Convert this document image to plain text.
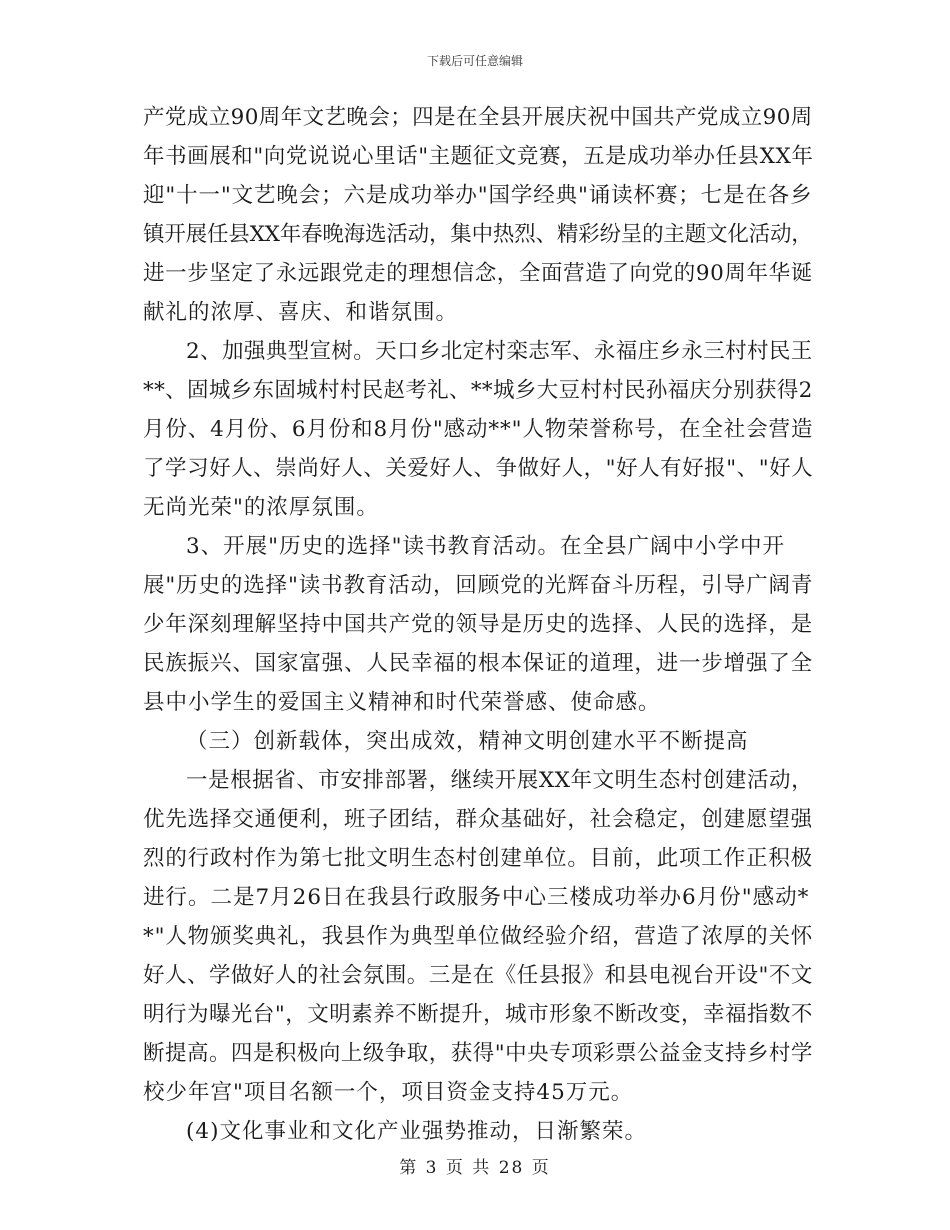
下载后可任意编辑
产党成立90周年文艺晚会；四是在全县开展庆祝中国共产党成立90周
年书画展和"向党说说心里话"主题征文竞赛，五是成功举办任县XX年
迎"十一"文艺晚会；六是成功举办"国学经典"诵读杯赛；七是在各乡
镇开展任县XX年春晚海选活动，集中热烈、精彩纷呈的主题文化活动，
进一步坚定了永远跟党走的理想信念，全面营造了向党的90周年华诞
献礼的浓厚、喜庆、和谐氛围。
2、加强典型宣树。天口乡北定村栾志军、永福庄乡永三村村民王
**、固城乡东固城村村民赵考礼、**城乡大豆村村民孙福庆分别获得2
月份、4月份、6月份和8月份"感动**"人物荣誉称号，在全社会营造
了学习好人、崇尚好人、关爱好人、争做好人，"好人有好报"、"好人
无尚光荣"的浓厚氛围。
3、开展"历史的选择"读书教育活动。在全县广阔中小学中开
展"历史的选择"读书教育活动，回顾党的光辉奋斗历程，引导广阔青
少年深刻理解坚持中国共产党的领导是历史的选择、人民的选择，是
民族振兴、国家富强、人民幸福的根本保证的道理，进一步增强了全
县中小学生的爱国主义精神和时代荣誉感、使命感。
（三）创新载体，突出成效，精神文明创建水平不断提高
一是根据省、市安排部署，继续开展XX年文明生态村创建活动，
优先选择交通便利，班子团结，群众基础好，社会稳定，创建愿望强
烈的行政村作为第七批文明生态村创建单位。目前，此项工作正积极
进行。二是7月26日在我县行政服务中心三楼成功举办6月份"感动*
*"人物颁奖典礼，我县作为典型单位做经验介绍，营造了浓厚的关怀
好人、学做好人的社会氛围。三是在《任县报》和县电视台开设"不文
明行为曝光台"，文明素养不断提升，城市形象不断改变，幸福指数不
断提高。四是积极向上级争取，获得"中央专项彩票公益金支持乡村学
校少年宫"项目名额一个，项目资金支持45万元。
(4)文化事业和文化产业强势推动，日渐繁荣。
第 3 页 共 28 页
